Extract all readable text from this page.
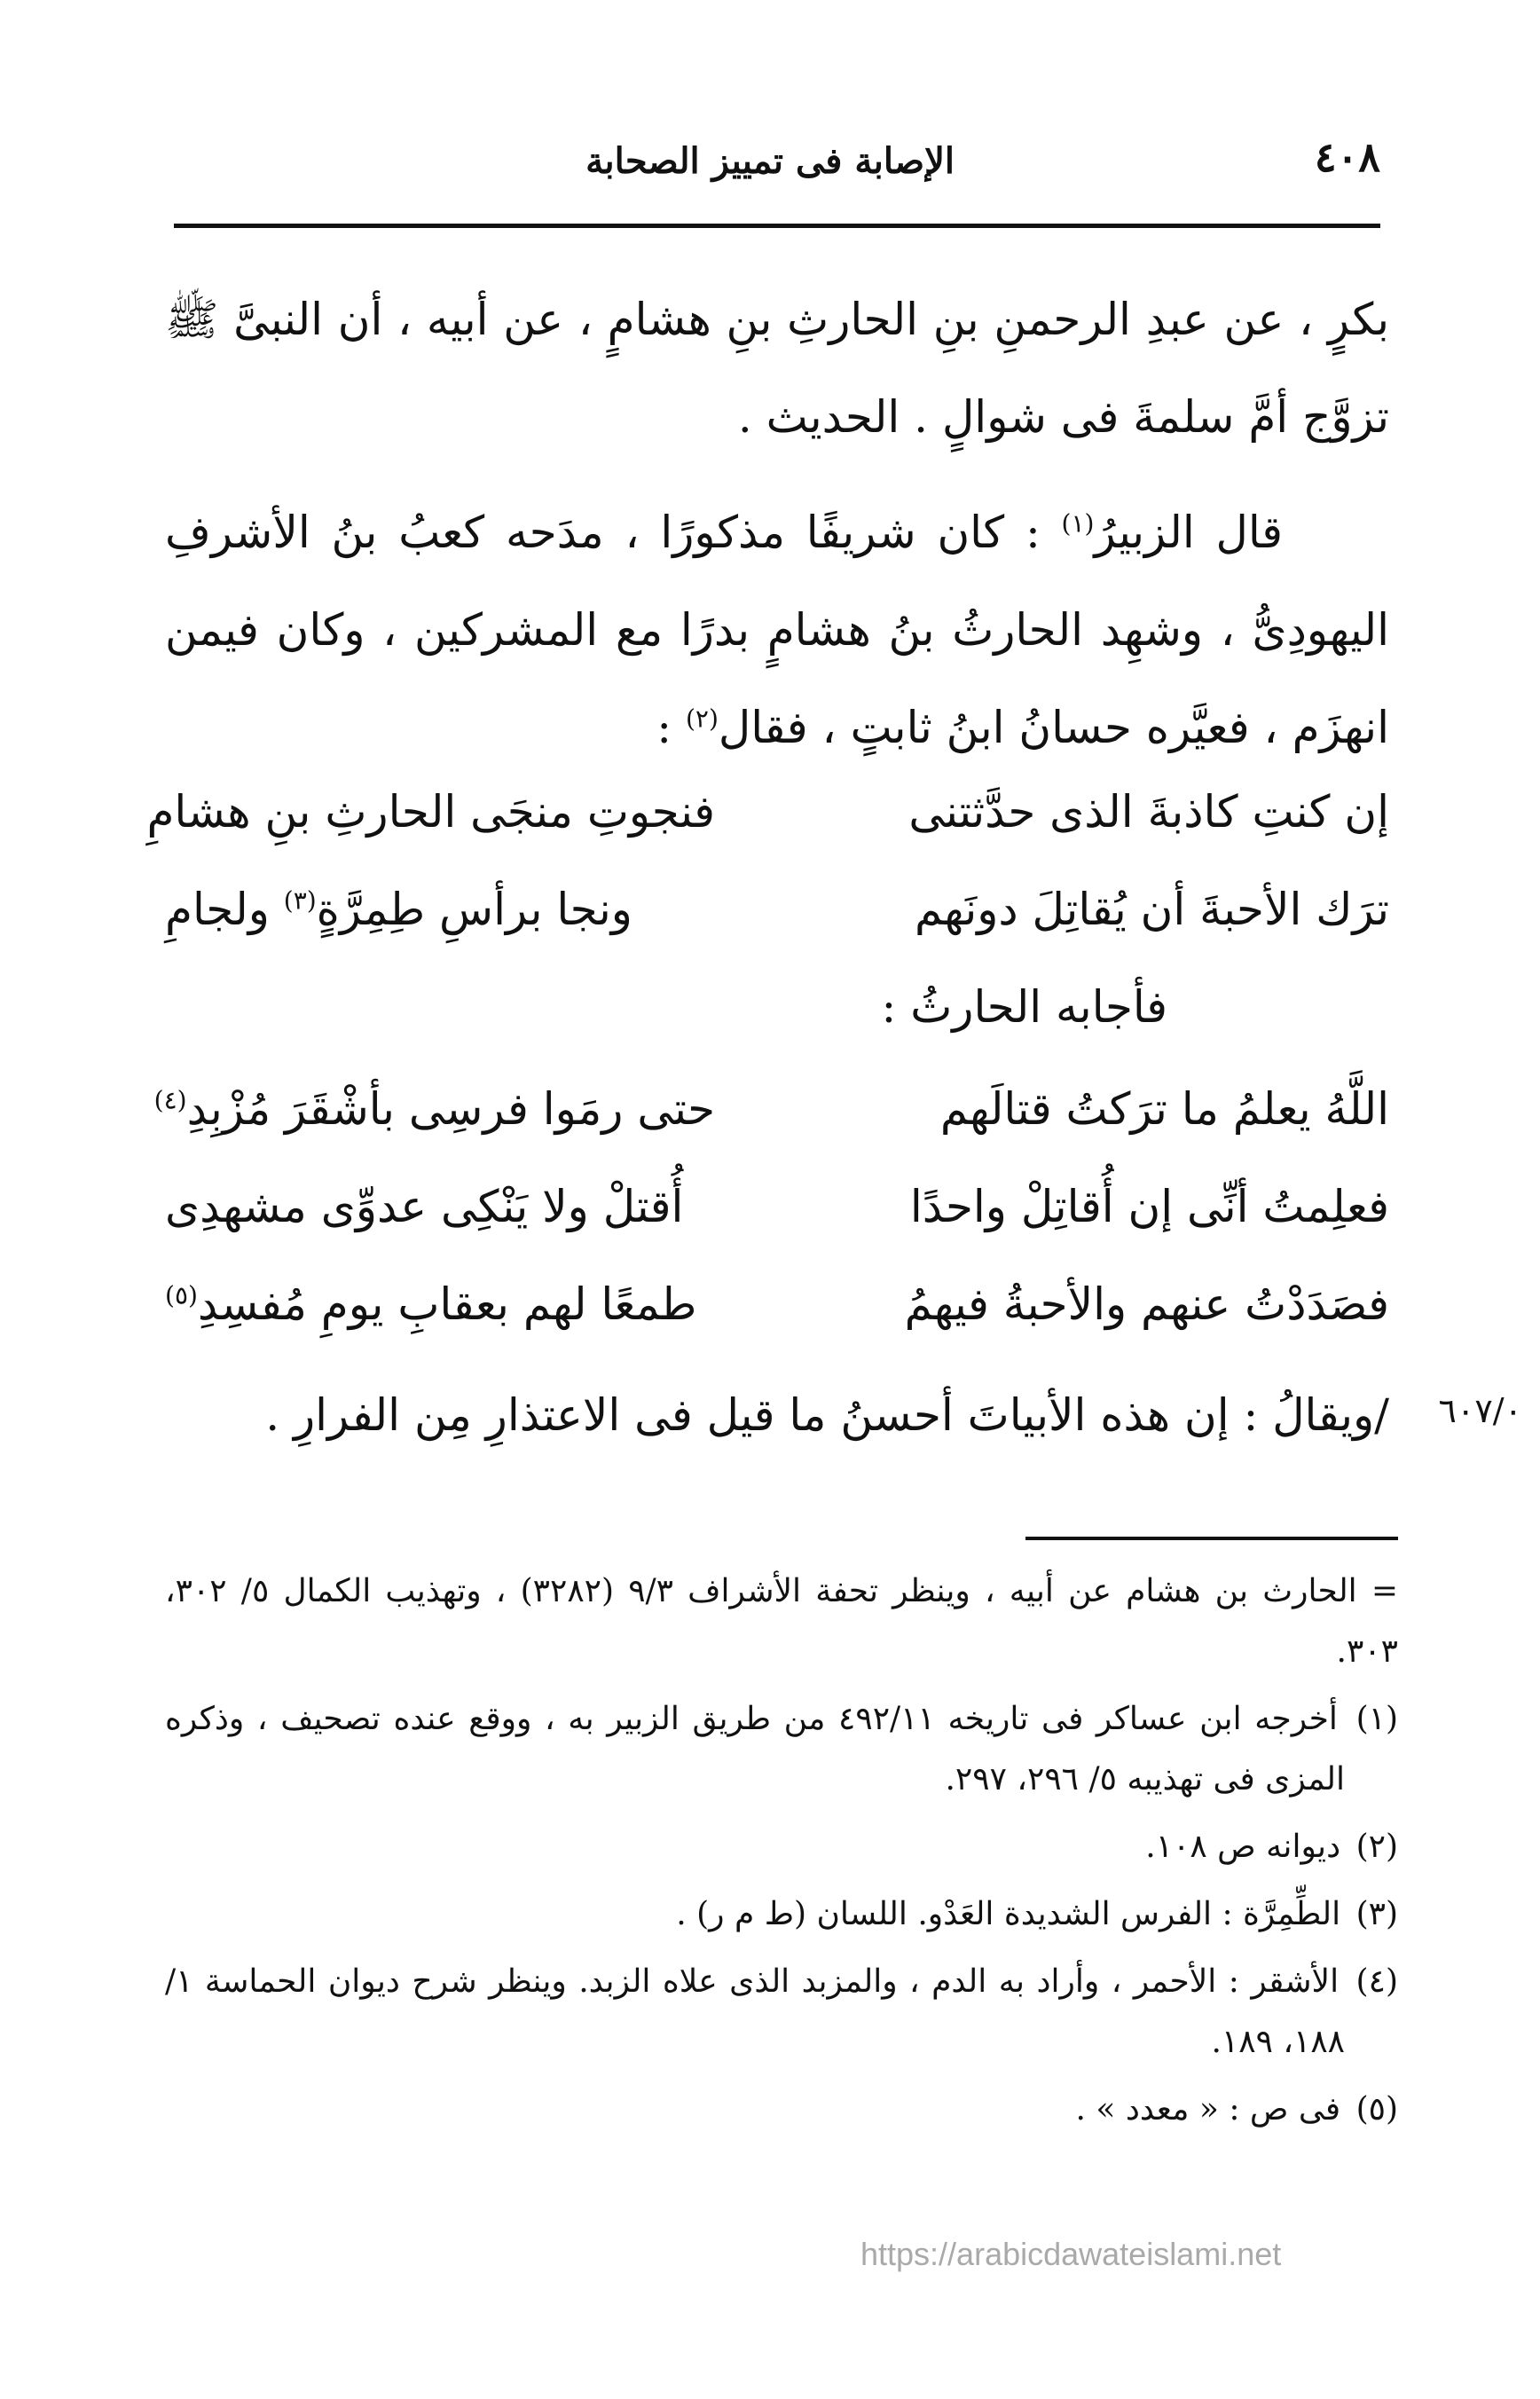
٤٠٨
الإصابة فى تمييز الصحابة

بكرٍ ، عن عبدِ الرحمنِ بنِ الحارثِ بنِ هشامٍ ، عن أبيه ، أن النبىَّ ﷺ تزوَّج أمَّ سلمةَ فى شوالٍ . الحديث .

قال الزبيرُ$^{(١)}$ : كان شريفًا مذكورًا ، مدَحه كعبُ بنُ الأشرفِ اليهودِىُّ ، وشهِد الحارثُ بنُ هشامٍ بدرًا مع المشركين ، وكان فيمن انهزَم ، فعيَّره حسانُ ابنُ ثابتٍ ، فقال$^{(٢)}$ :

إن كنتِ كاذبةَ الذى حدَّثتنى
فنجوتِ منجَى الحارثِ بنِ هشامِ
ترَك الأحبةَ أن يُقاتِلَ دونَهم
ونجا برأسِ طِمِرَّةٍ$^{(٣)}$ ولجامِ
فأجابه الحارثُ :
اللَّهُ يعلمُ ما ترَكتُ قتالَهم
حتى رمَوا فرسِى بأشْقَرَ مُزْبِدِ$^{(٤)}$
فعلِمتُ أنِّى إن أُقاتِلْ واحدًا
أُقتلْ ولا يَنْكِى عدوِّى مشهدِى
فصَدَدْتُ عنهم والأحبةُ فيهمُ
طمعًا لهم بعقابِ يومِ مُفسِدِ$^{(٥)}$
/ويقالُ : إن هذه الأبياتَ أحسنُ ما قيل فى الاعتذارِ مِن الفرارِ . ٦٠٧/٠

= الحارث بن هشام عن أبيه ، وينظر تحفة الأشراف ٩/٣ (٣٢٨٢) ، وتهذيب الكمال ٥/ ٣٠٢، ٣٠٣.

(١) أخرجه ابن عساكر فى تاريخه ٤٩٢/١١ من طريق الزبير به ، ووقع عنده تصحيف ، وذكره المزى فى تهذيبه ٥/ ٢٩٦، ٢٩٧.

(٢) ديوانه ص ١٠٨.

(٣) الطِّمِرَّة : الفرس الشديدة العَدْو. اللسان (ط م ر) .

(٤) الأشقر : الأحمر ، وأراد به الدم ، والمزبد الذى علاه الزبد. وينظر شرح ديوان الحماسة ١/ ١٨٨، ١٨٩.

(٥) فى ص : « معدد » .

https://arabicdawateislami.net
